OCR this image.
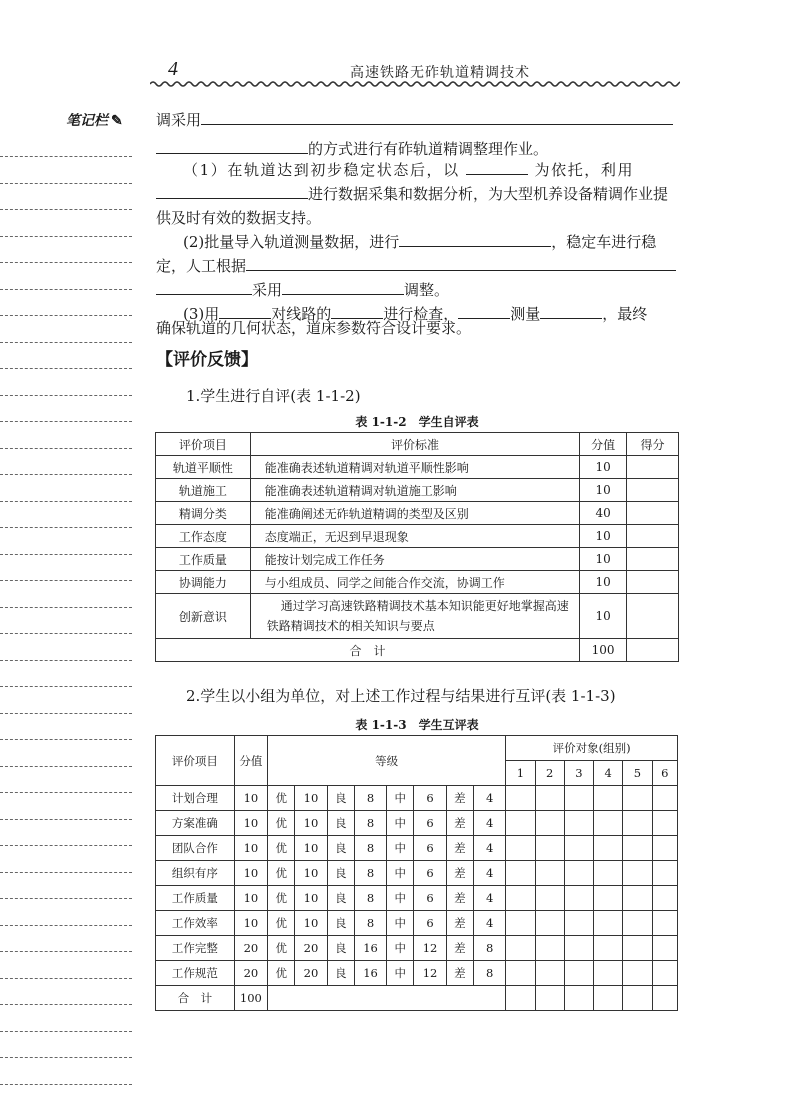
4	高速铁路无砟轨道精调技术
笔记栏 ✎ 调采用
的方式进行有砟轨道精调整理作业。
（1）在轨道达到初步稳定状态后，以	为依托，利用
进行数据采集和数据分析，为大型机养设备精调作业提
供及时有效的数据支持。
(2)批量导入轨道测量数据，进行	，稳定车进行稳
定，人工根据
采用	调整。
(3)用	对线路的	进行检查，	测量	，最终
确保轨道的几何状态，道床参数符合设计要求。
【评价反馈】
1.学生进行自评(表 1-1-2)
表 1-1-2　学生自评表
评价项目	评价标准	分值	得分
轨道平顺性	能准确表述轨道精调对轨道平顺性影响	10	
轨道施工	能准确表述轨道精调对轨道施工影响	10	
精调分类	能准确阐述无砟轨道精调的类型及区别	40	
工作态度	态度端正，无迟到早退现象	10	
工作质量	能按计划完成工作任务	10	
协调能力	与小组成员、同学之间能合作交流，协调工作	10	
创新意识	通过学习高速铁路精调技术基本知识能更好地掌握高速铁路精调技术的相关知识与要点	10	
合　计		100	
2.学生以小组为单位，对上述工作过程与结果进行互评(表 1-1-3)
表 1-1-3　学生互评表
评价项目	分值	等级								评价对象(组别)					
										1	2	3	4	5	6
计划合理	10	优	10	良	8	中	6	差	4						
方案准确	10	优	10	良	8	中	6	差	4						
团队合作	10	优	10	良	8	中	6	差	4						
组织有序	10	优	10	良	8	中	6	差	4						
工作质量	10	优	10	良	8	中	6	差	4						
工作效率	10	优	10	良	8	中	6	差	4						
工作完整	20	优	20	良	16	中	12	差	8						
工作规范	20	优	20	良	16	中	12	差	8						
合　计	100														
